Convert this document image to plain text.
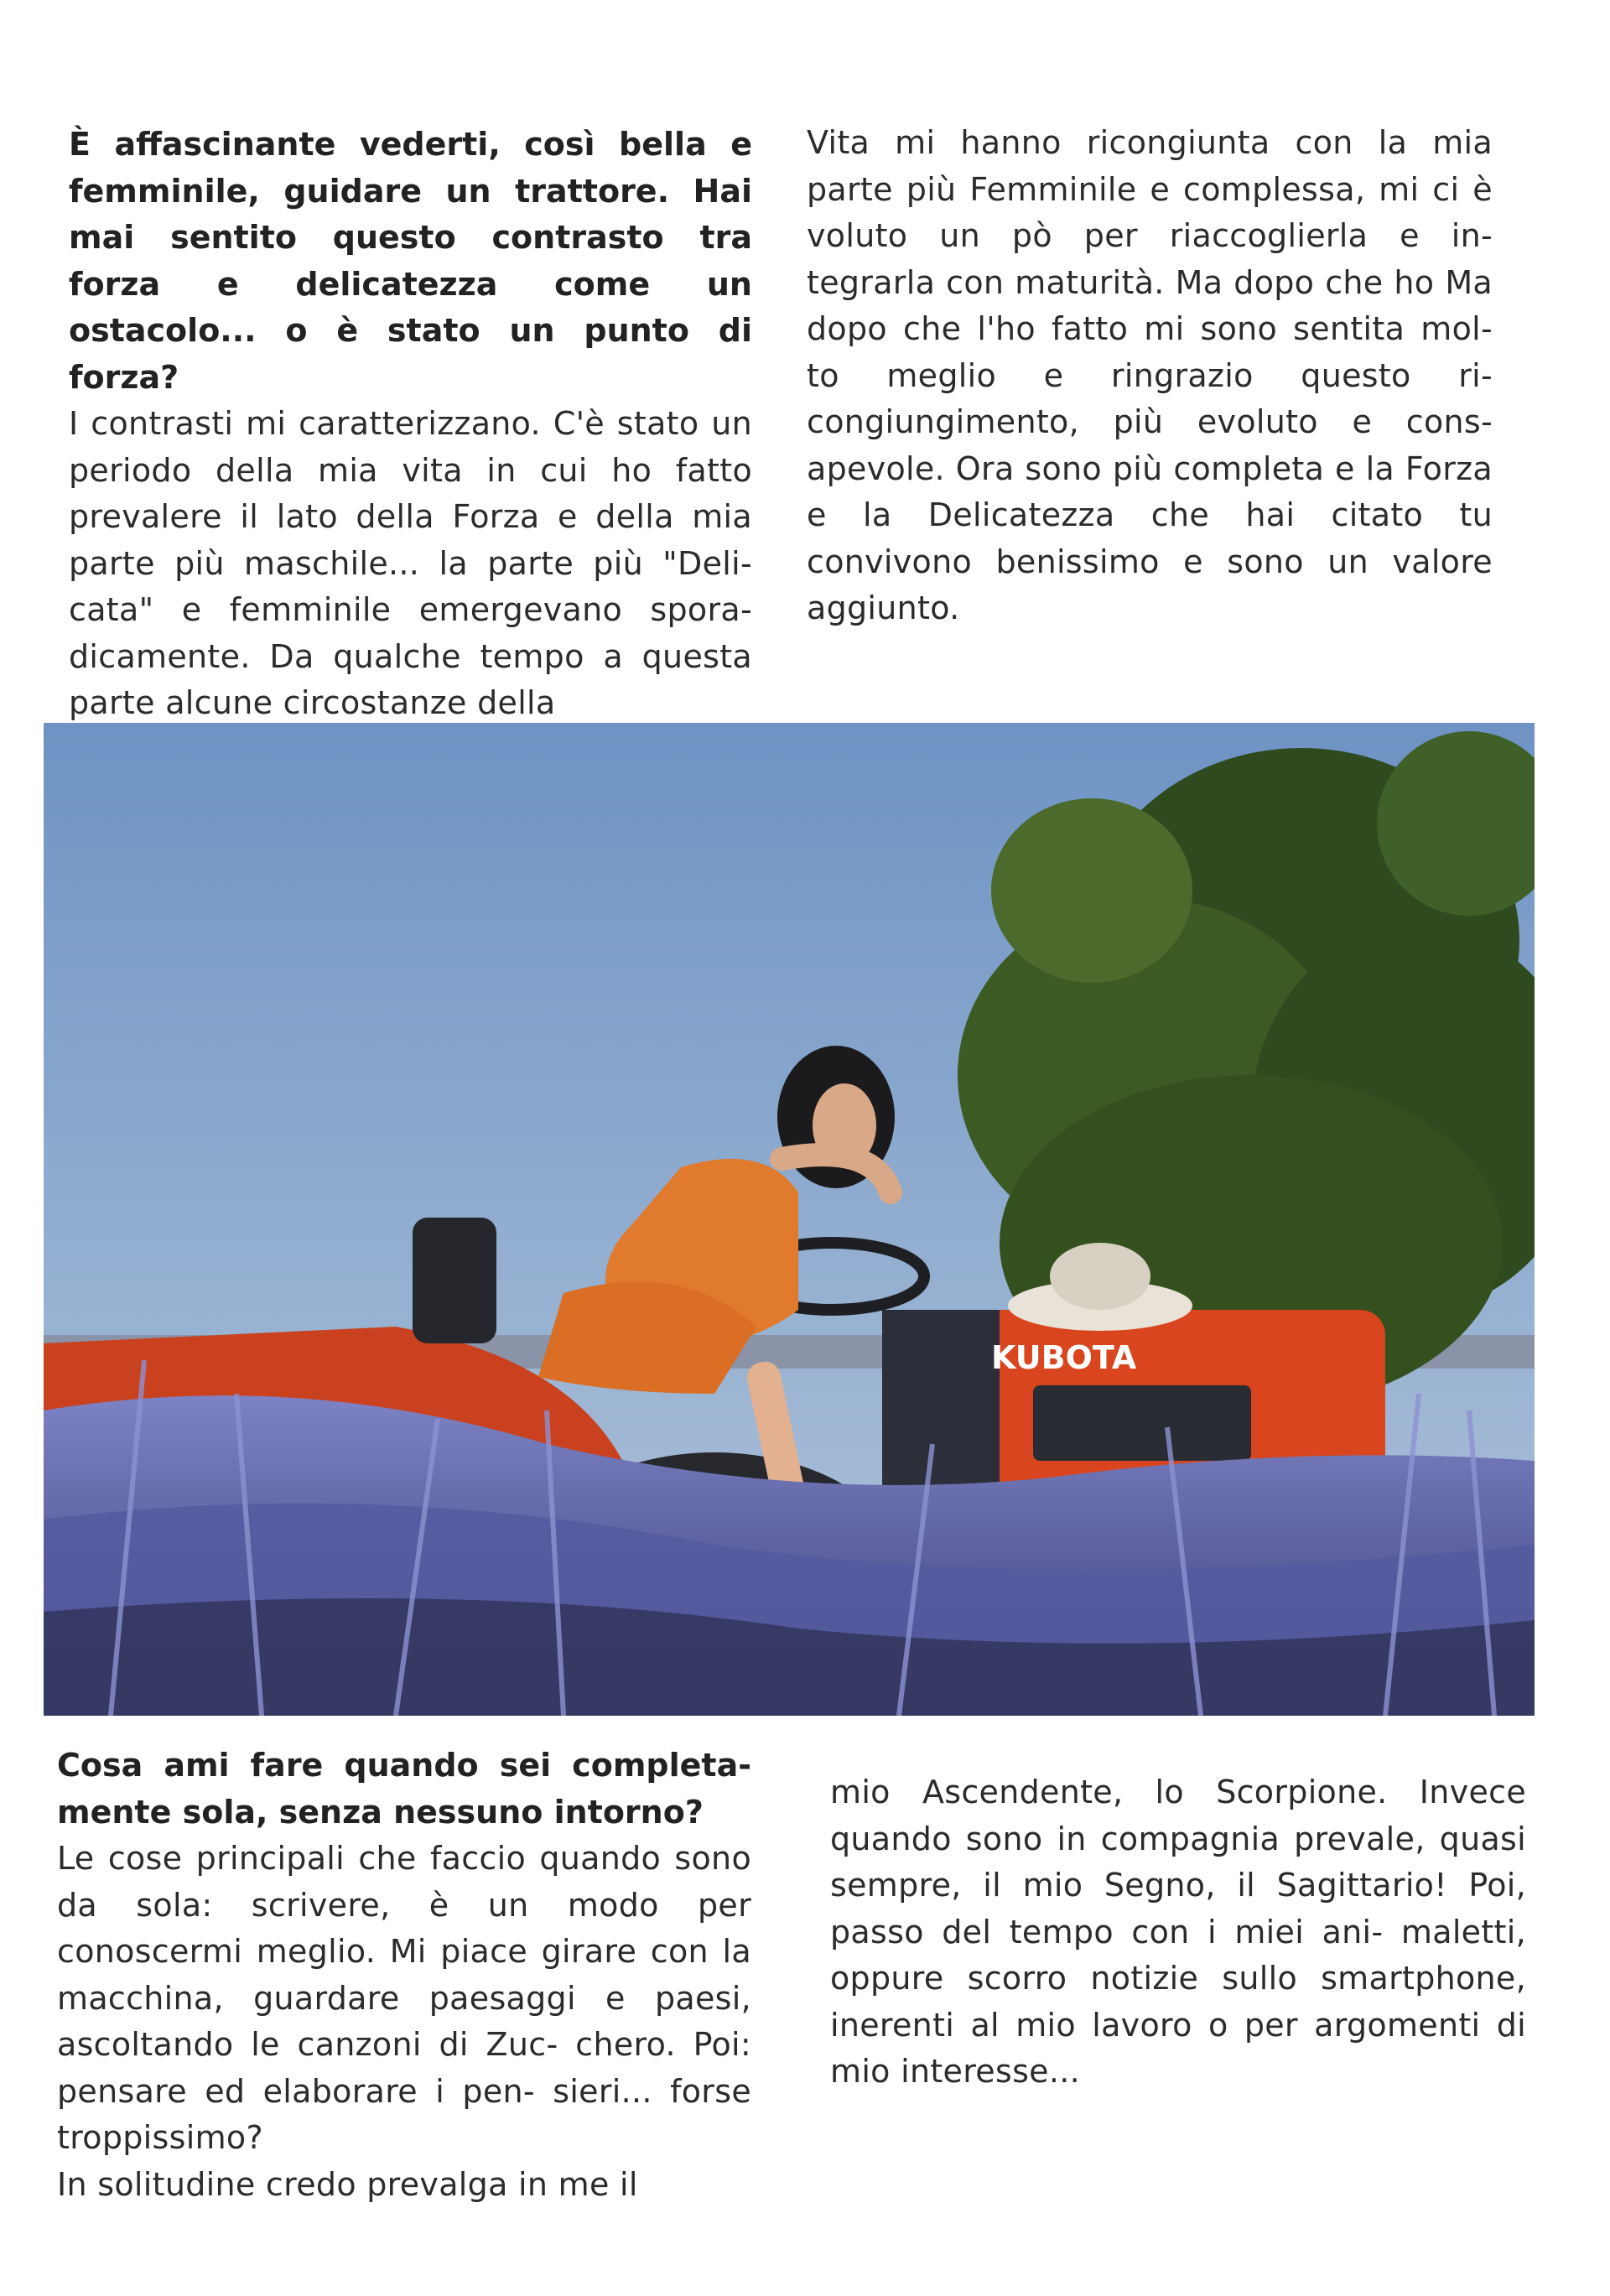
È affascinante vederti, così bella e femminile, guidare un trattore. Hai mai sentito questo contrasto tra forza e delicatezza come un ostacolo... o è stato un punto di forza?

I contrasti mi caratterizzano. C'è stato un periodo della mia vita in cui ho fatto prevalere il lato della Forza e della mia parte più maschile... la parte più "Deli- cata" e femminile emergevano spora- dicamente. Da qualche tempo a questa parte alcune circostanze della

Vita mi hanno ricongiunta con la mia parte più Femminile e complessa, mi ci è voluto un pò per riaccoglierla e in- tegrarla con maturità. Ma dopo che ho Ma dopo che l'ho fatto mi sono sentita mol- to meglio e ringrazio questo ri- congiungimento, più evoluto e cons- apevole. Ora sono più completa e la Forza e la Delicatezza che hai citato tu convivono benissimo e sono un valore aggiunto.

KUBOTA

Cosa ami fare quando sei completa- mente sola, senza nessuno intorno?

Le cose principali che faccio quando sono da sola: scrivere, è un modo per conoscermi meglio. Mi piace girare con la macchina, guardare paesaggi e paesi, ascoltando le canzoni di Zuc- chero. Poi: pensare ed elaborare i pen- sieri... forse troppissimo?

In solitudine credo prevalga in me il

mio Ascendente, lo Scorpione. Invece quando sono in compagnia prevale, quasi sempre, il mio Segno, il Sagittario! Poi, passo del tempo con i miei ani- maletti, oppure scorro notizie sullo smartphone, inerenti al mio lavoro o per argomenti di mio interesse...
